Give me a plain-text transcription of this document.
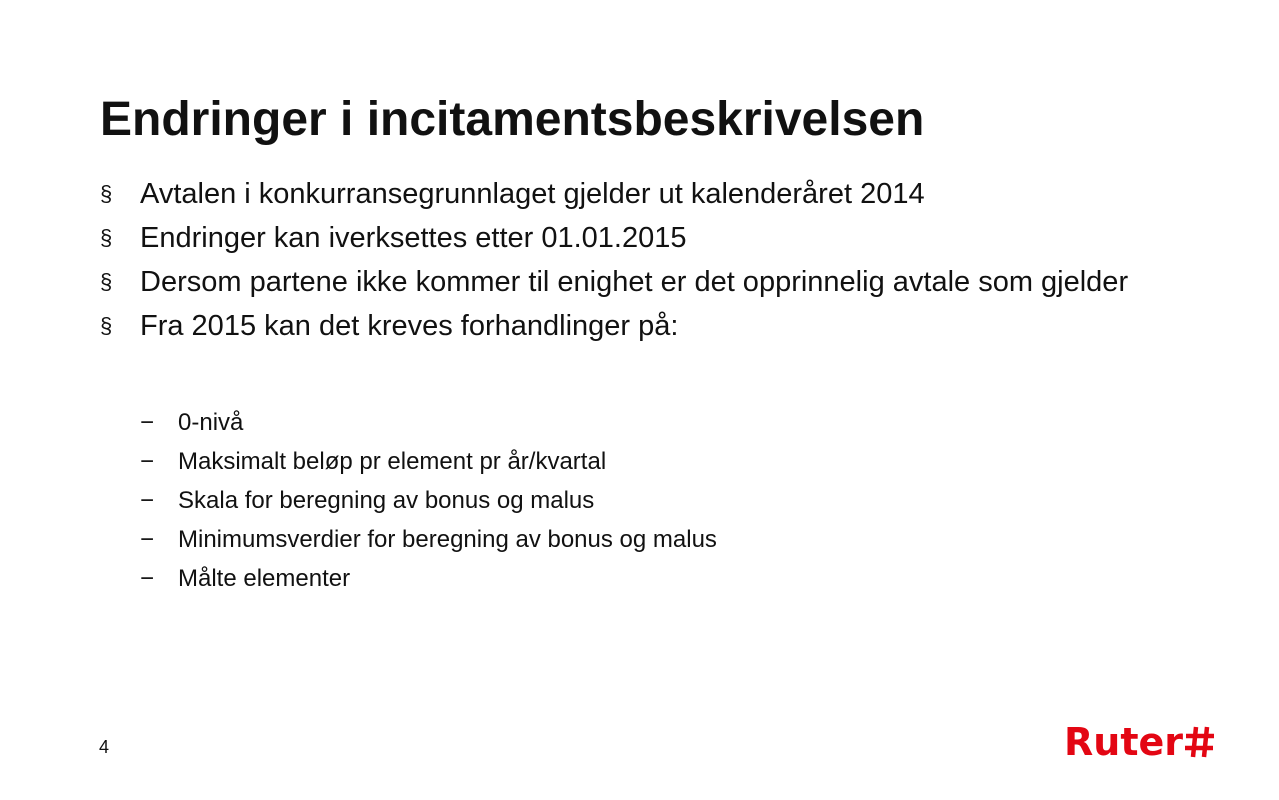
Endringer i incitamentsbeskrivelsen
§ Avtalen i konkurransegrunnlaget gjelder ut kalenderåret 2014
§ Endringer kan iverksettes etter 01.01.2015
§ Dersom partene ikke kommer til enighet er det opprinnelig avtale som gjelder
§ Fra 2015 kan det kreves forhandlinger på:
− 0-nivå
− Maksimalt beløp pr element pr år/kvartal
− Skala for beregning av bonus og malus
− Minimumsverdier for beregning av bonus og malus
− Målte elementer
4	Ruter
